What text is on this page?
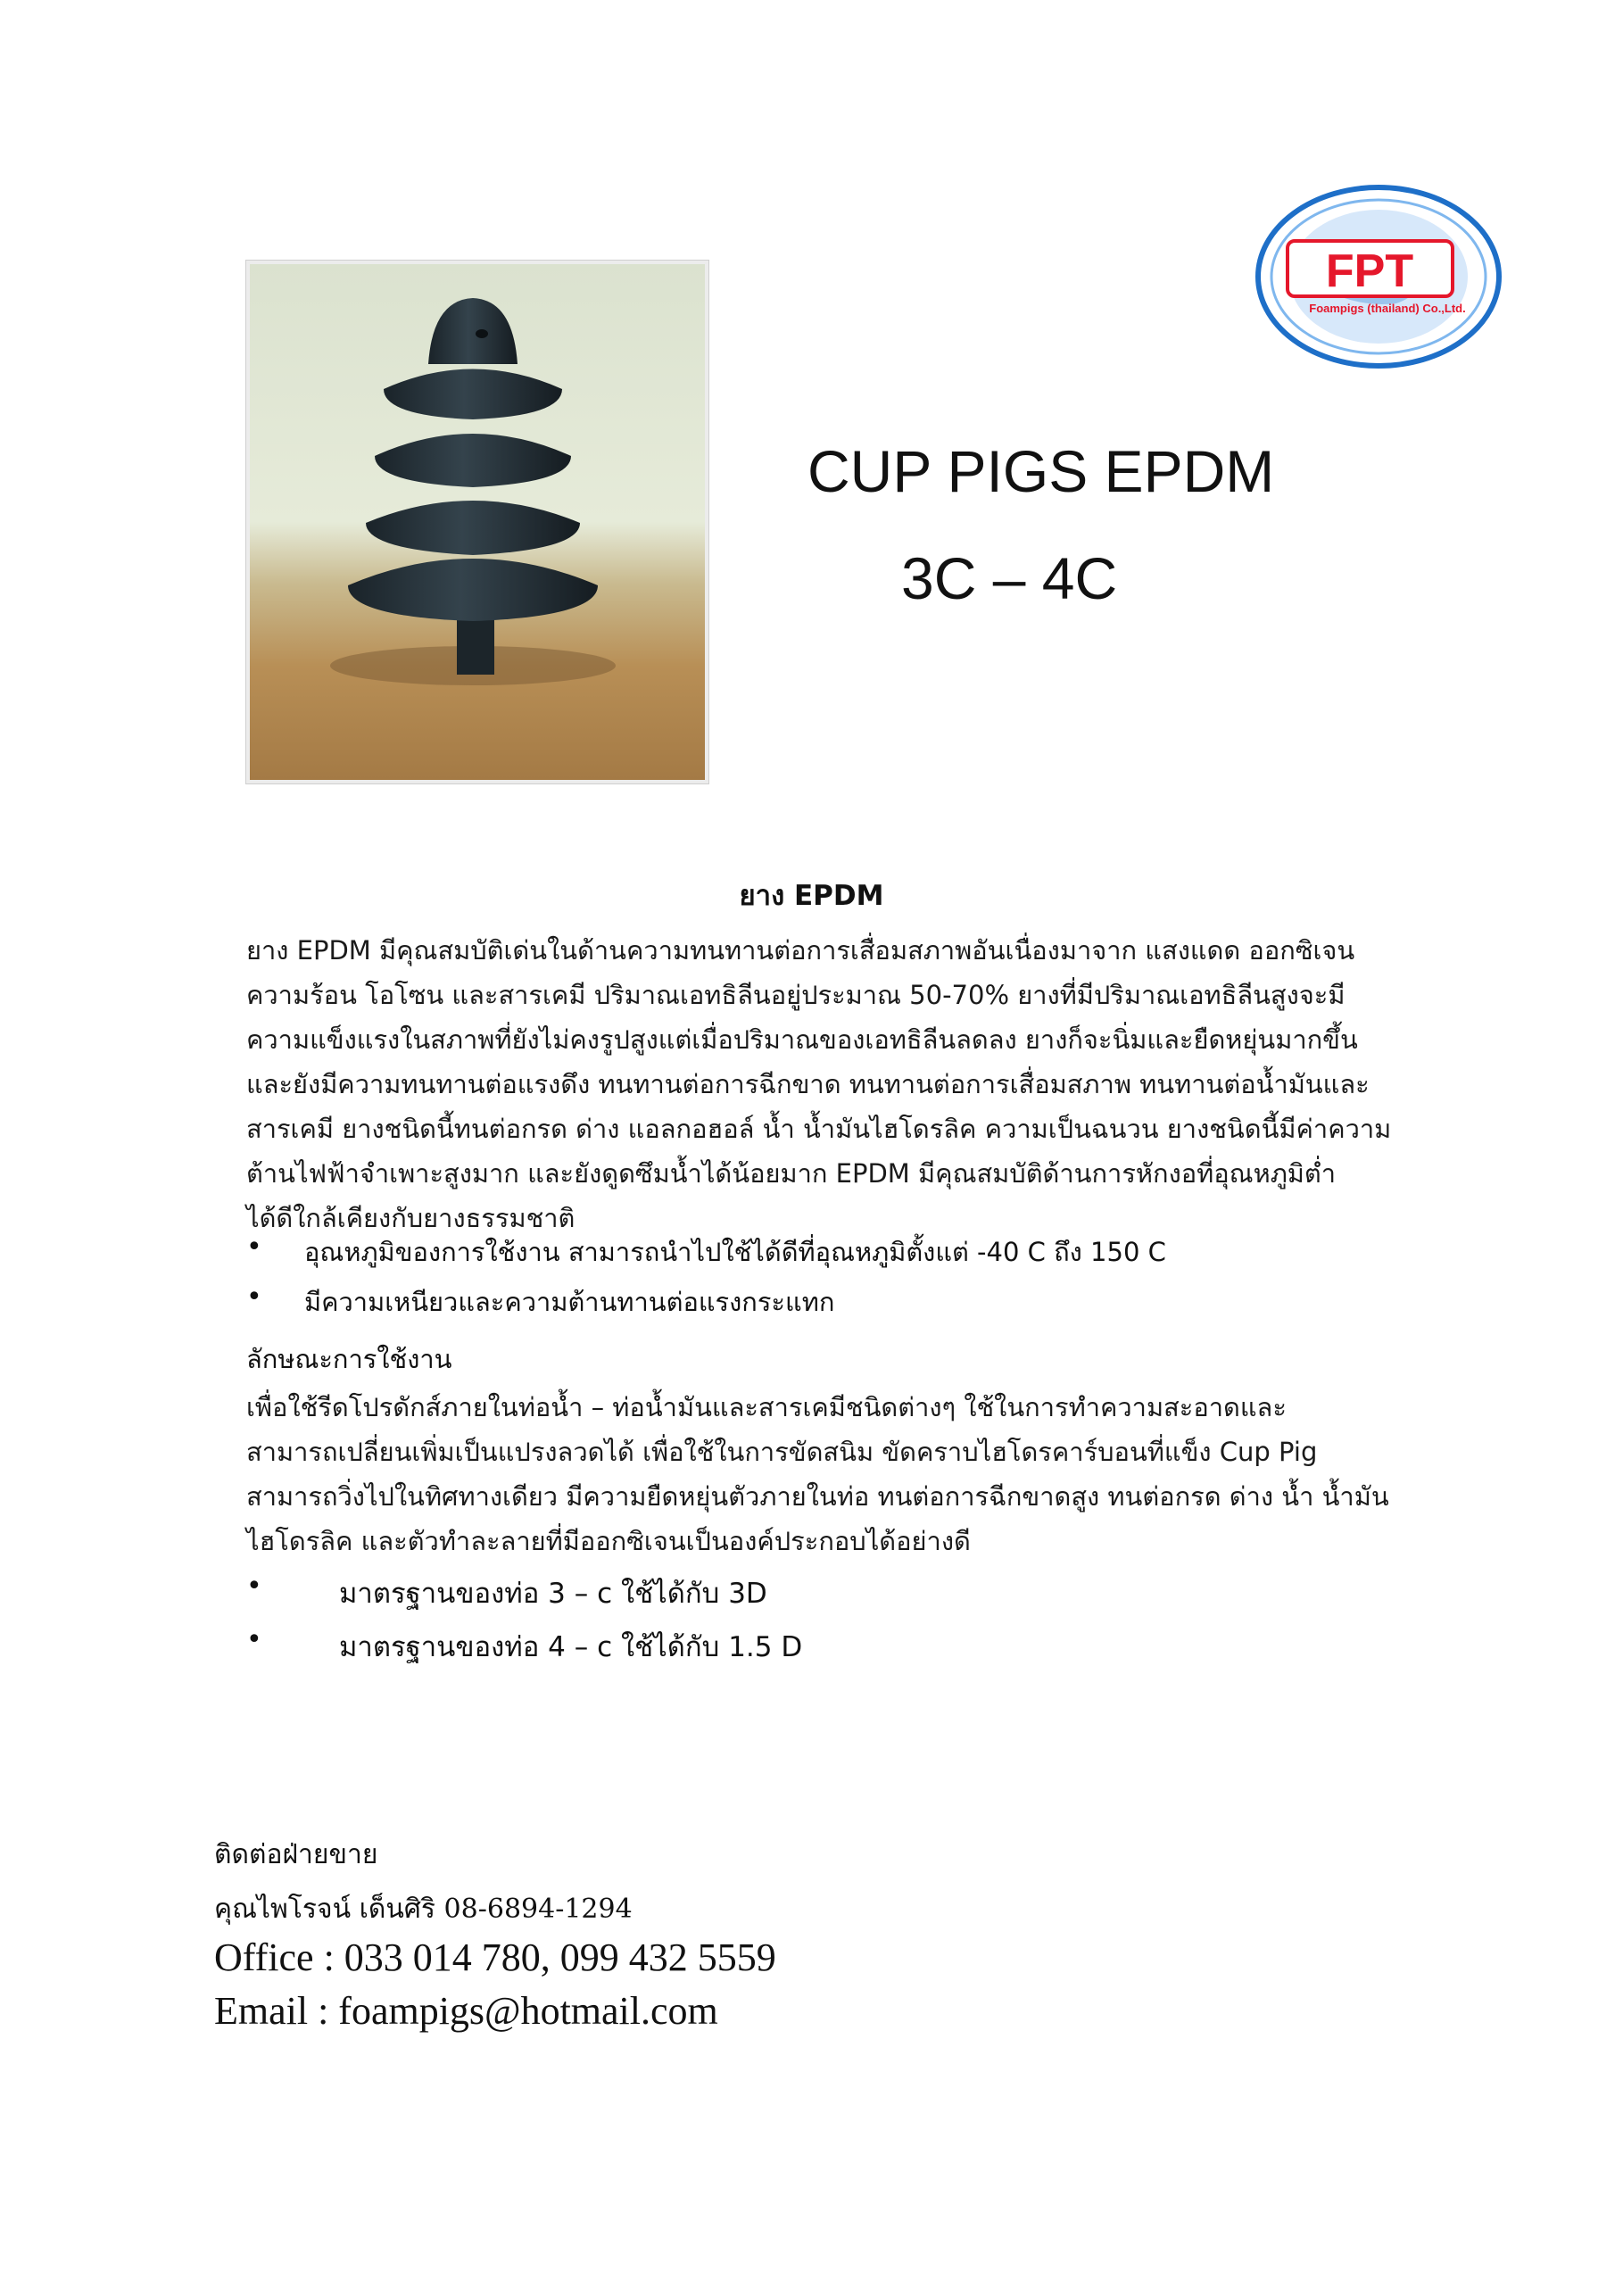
FPT
Foampigs (thailand) Co.,Ltd.
CUP PIGS EPDM
3C – 4C
ยาง EPDM
ยาง EPDM มีคุณสมบัติเด่นในด้านความทนทานต่อการเสื่อมสภาพอันเนื่องมาจาก แสงแดด ออกซิเจน
ความร้อน โอโซน และสารเคมี ปริมาณเอทธิลีนอยู่ประมาณ 50-70% ยางที่มีปริมาณเอทธิลีนสูงจะมี
ความแข็งแรงในสภาพที่ยังไม่คงรูปสูงแต่เมื่อปริมาณของเอทธิลีนลดลง ยางก็จะนิ่มและยืดหยุ่นมากขึ้น
และยังมีความทนทานต่อแรงดึง ทนทานต่อการฉีกขาด ทนทานต่อการเสื่อมสภาพ ทนทานต่อน้ำมันและ
สารเคมี ยางชนิดนี้ทนต่อกรด ด่าง แอลกอฮอล์ น้ำ น้ำมันไฮโดรลิค ความเป็นฉนวน ยางชนิดนี้มีค่าความ
ต้านไฟฟ้าจำเพาะสูงมาก และยังดูดซึมน้ำได้น้อยมาก EPDM มีคุณสมบัติด้านการหักงอที่อุณหภูมิต่ำ
ได้ดีใกล้เคียงกับยางธรรมชาติ
• อุณหภูมิของการใช้งาน สามารถนำไปใช้ได้ดีที่อุณหภูมิตั้งแต่ -40 C ถึง 150 C
• มีความเหนียวและความต้านทานต่อแรงกระแทก
ลักษณะการใช้งาน
เพื่อใช้รีดโปรดักส์ภายในท่อน้ำ – ท่อน้ำมันและสารเคมีชนิดต่างๆ ใช้ในการทำความสะอาดและ
สามารถเปลี่ยนเพิ่มเป็นแปรงลวดได้ เพื่อใช้ในการขัดสนิม ขัดคราบไฮโดรคาร์บอนที่แข็ง Cup Pig
สามารถวิ่งไปในทิศทางเดียว มีความยืดหยุ่นตัวภายในท่อ ทนต่อการฉีกขาดสูง ทนต่อกรด ด่าง น้ำ น้ำมัน
ไฮโดรลิค และตัวทำละลายที่มีออกซิเจนเป็นองค์ประกอบได้อย่างดี
•	มาตรฐานของท่อ 3 – c ใช้ได้กับ 3D
•	มาตรฐานของท่อ 4 – c ใช้ได้กับ 1.5 D
ติดต่อฝ่ายขาย
คุณไพโรจน์ เด็นศิริ 08-6894-1294
Office : 033 014 780, 099 432 5559
Email : foampigs@hotmail.com
